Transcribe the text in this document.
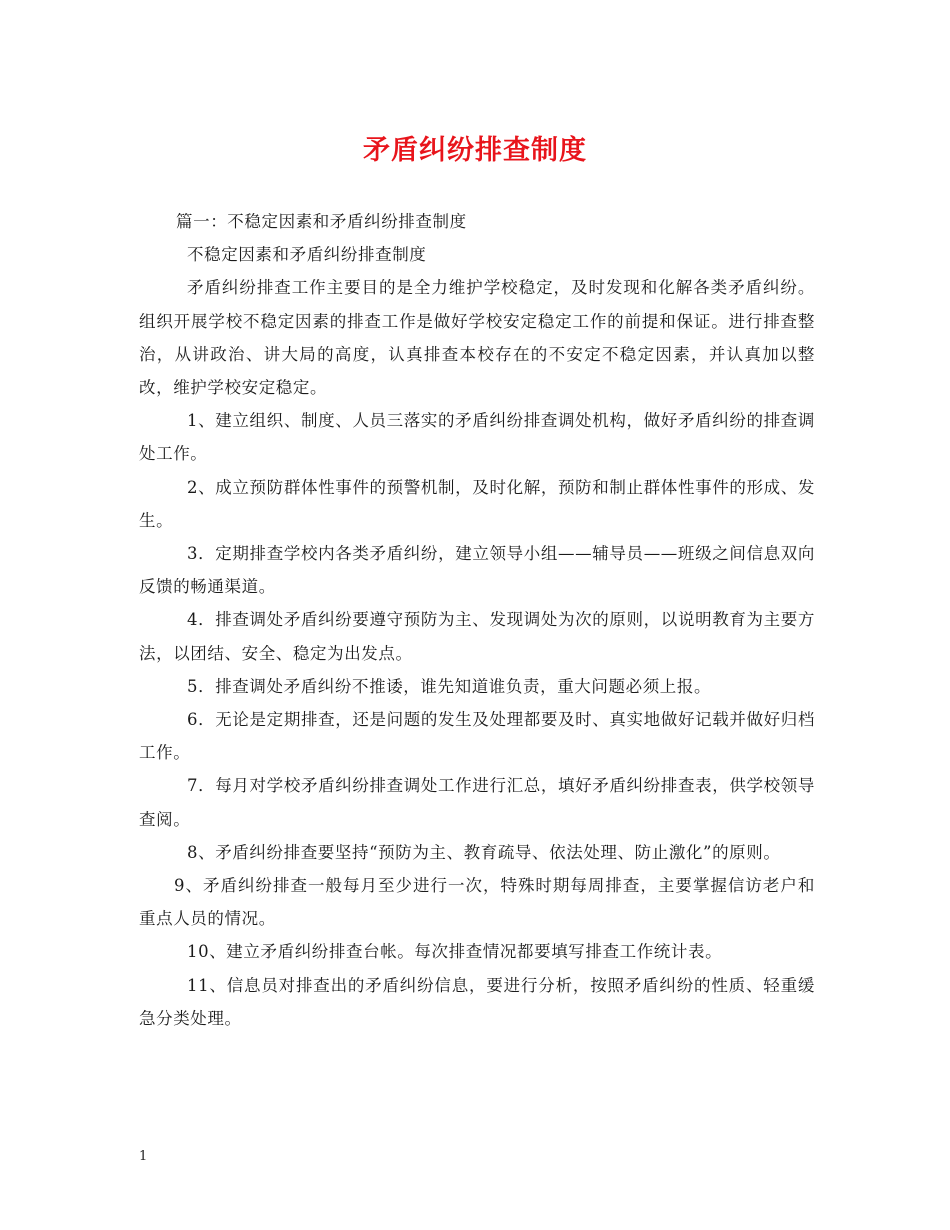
矛盾纠纷排查制度

篇一：不稳定因素和矛盾纠纷排查制度

不稳定因素和矛盾纠纷排查制度

矛盾纠纷排查工作主要目的是全力维护学校稳定，及时发现和化解各类矛盾纠纷。组织开展学校不稳定因素的排查工作是做好学校安定稳定工作的前提和保证。进行排查整治，从讲政治、讲大局的高度，认真排查本校存在的不安定不稳定因素，并认真加以整改，维护学校安定稳定。

1、建立组织、制度、人员三落实的矛盾纠纷排查调处机构，做好矛盾纠纷的排查调处工作。

2、成立预防群体性事件的预警机制，及时化解，预防和制止群体性事件的形成、发生。

3．定期排查学校内各类矛盾纠纷，建立领导小组——辅导员——班级之间信息双向反馈的畅通渠道。

4．排查调处矛盾纠纷要遵守预防为主、发现调处为次的原则，以说明教育为主要方法，以团结、安全、稳定为出发点。

5．排查调处矛盾纠纷不推诿，谁先知道谁负责，重大问题必须上报。

6．无论是定期排查，还是问题的发生及处理都要及时、真实地做好记载并做好归档工作。

7．每月对学校矛盾纠纷排查调处工作进行汇总，填好矛盾纠纷排查表，供学校领导查阅。

8、矛盾纠纷排查要坚持“预防为主、教育疏导、依法处理、防止激化”的原则。

9、矛盾纠纷排查一般每月至少进行一次，特殊时期每周排查，主要掌握信访老户和重点人员的情况。

10、建立矛盾纠纷排查台帐。每次排查情况都要填写排查工作统计表。

11、信息员对排查出的矛盾纠纷信息，要进行分析，按照矛盾纠纷的性质、轻重缓急分类处理。

1
